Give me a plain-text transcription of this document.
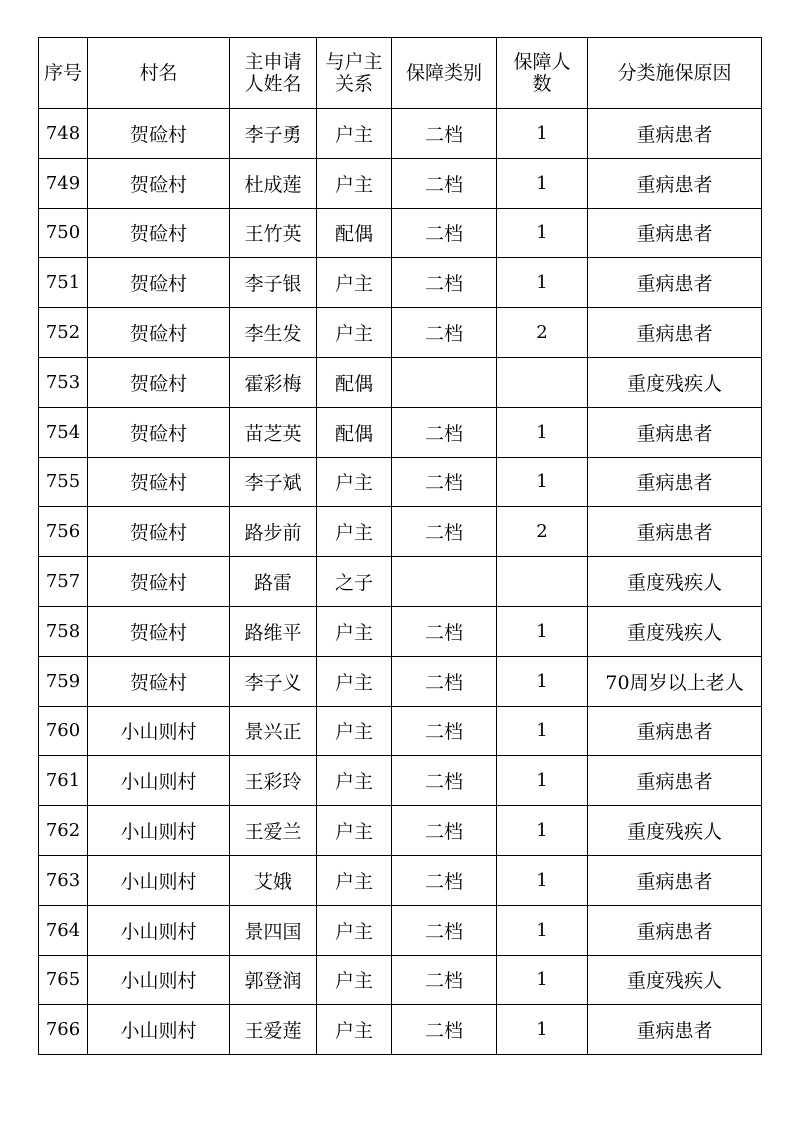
序号	村名	主申请人姓名	与户主关系	保障类别	保障人数	分类施保原因
748	贺硷村	李子勇	户主	二档	1	重病患者
749	贺硷村	杜成莲	户主	二档	1	重病患者
750	贺硷村	王竹英	配偶	二档	1	重病患者
751	贺硷村	李子银	户主	二档	1	重病患者
752	贺硷村	李生发	户主	二档	2	重病患者
753	贺硷村	霍彩梅	配偶			重度残疾人
754	贺硷村	苗芝英	配偶	二档	1	重病患者
755	贺硷村	李子斌	户主	二档	1	重病患者
756	贺硷村	路步前	户主	二档	2	重病患者
757	贺硷村	路雷	之子			重度残疾人
758	贺硷村	路维平	户主	二档	1	重度残疾人
759	贺硷村	李子义	户主	二档	1	70周岁以上老人
760	小山则村	景兴正	户主	二档	1	重病患者
761	小山则村	王彩玲	户主	二档	1	重病患者
762	小山则村	王爱兰	户主	二档	1	重度残疾人
763	小山则村	艾娥	户主	二档	1	重病患者
764	小山则村	景四国	户主	二档	1	重病患者
765	小山则村	郭登润	户主	二档	1	重度残疾人
766	小山则村	王爱莲	户主	二档	1	重病患者
